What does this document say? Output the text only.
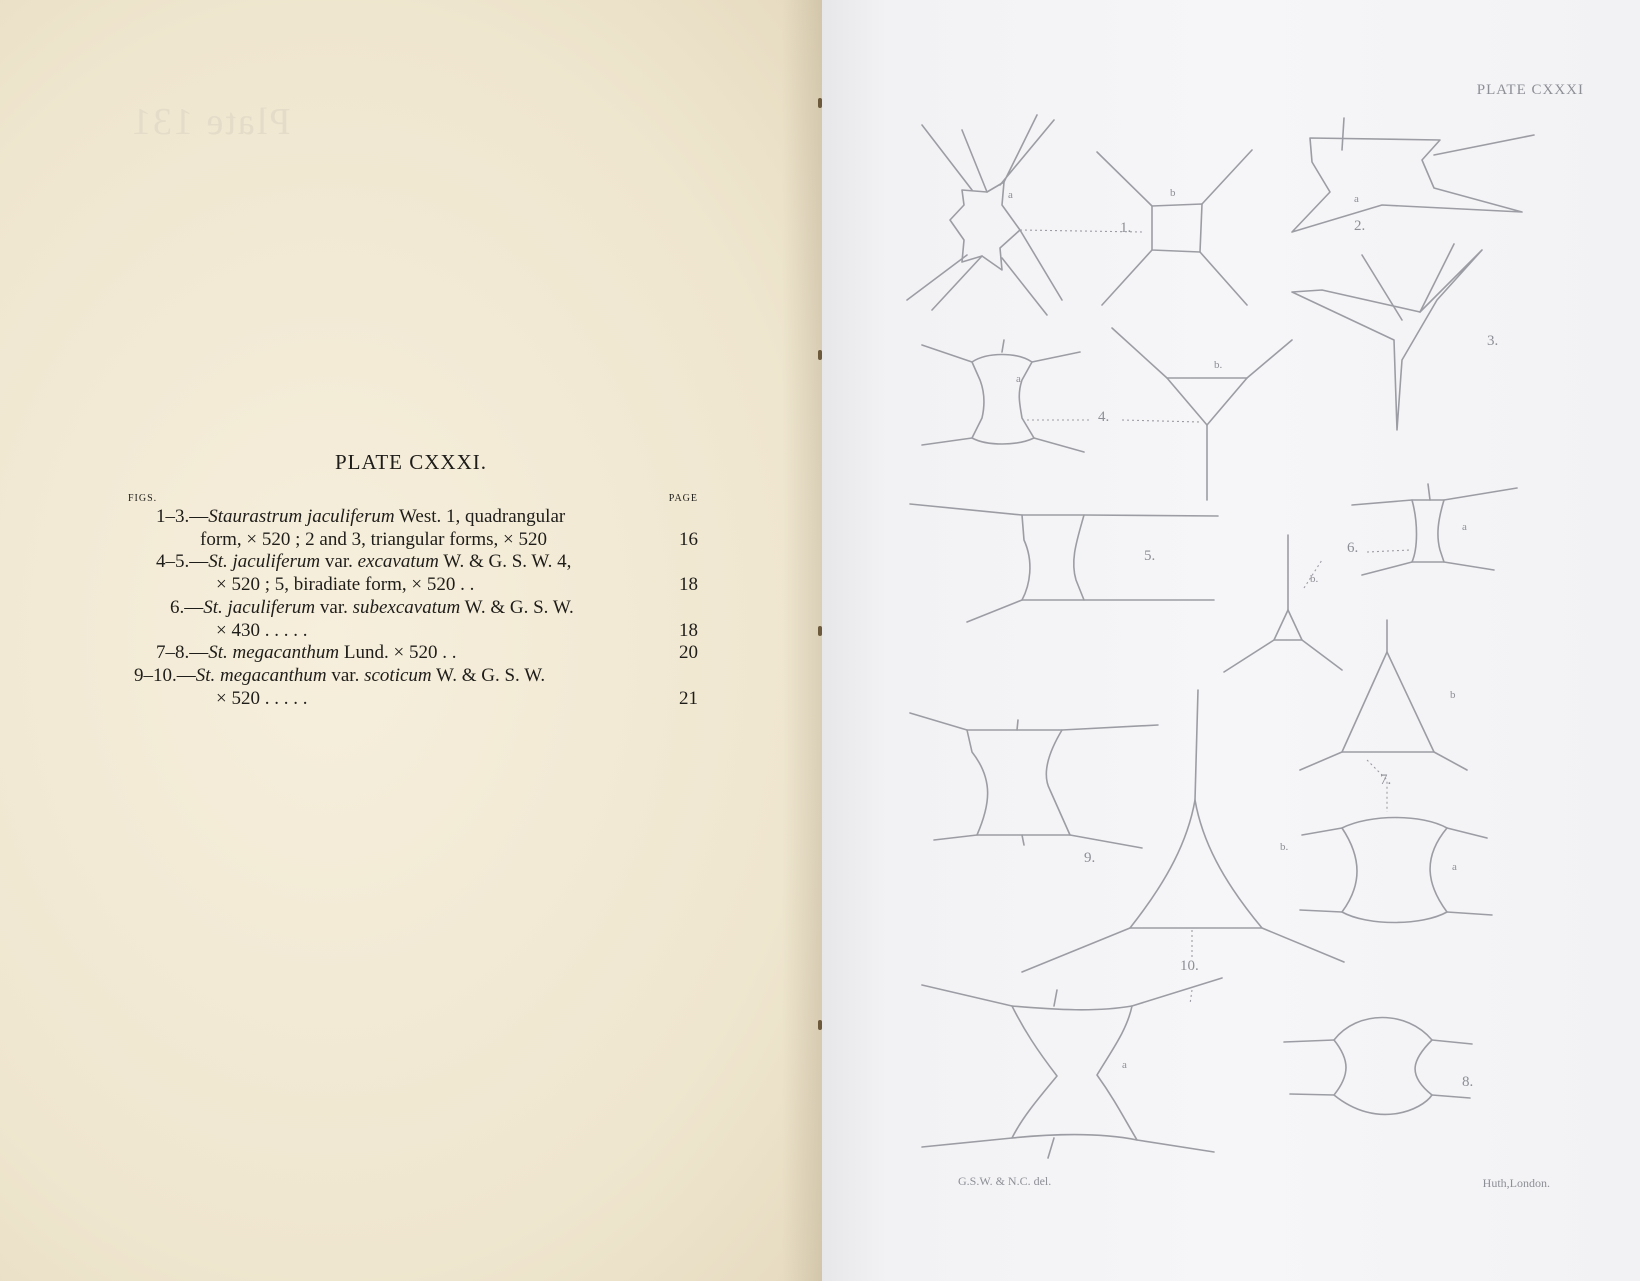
Plate 131
PLATE CXXXI.
FIGS.	PAGE
1–3.—Staurastrum jaculiferum West. 1, quadrangular
form, × 520 ; 2 and 3, triangular forms, × 520	16
4–5.—St. jaculiferum var. excavatum W. & G. S. W. 4,
× 520 ; 5, biradiate form, × 520 . .	18
6.—St. jaculiferum var. subexcavatum W. & G. S. W.
× 430 . . . . .	18
7–8.—St. megacanthum Lund. × 520 . .	20
9–10.—St. megacanthum var. scoticum W. & G. S. W.
× 520 . . . . .	21
PLATE CXXXI
a	b
1.
a
2.
3.
a
b.
4.
5.
b.
a
6.
b
a
7.
9.
b.
a
10.
8.
G.S.W. & N.C. del.	Huth,London.
